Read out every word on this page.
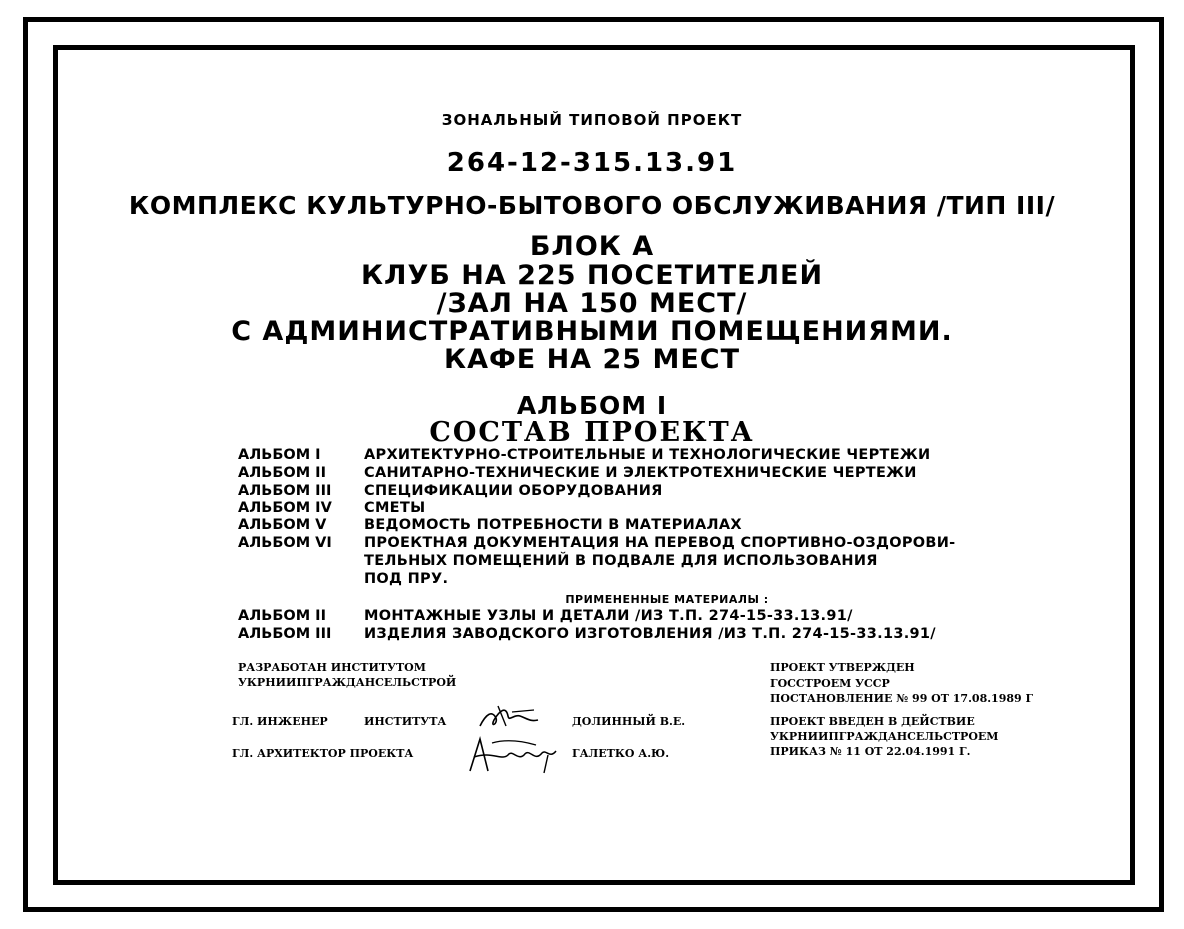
ЗОНАЛЬНЫЙ ТИПОВОЙ ПРОЕКТ
264-12-315.13.91
КОМПЛЕКС КУЛЬТУРНО-БЫТОВОГО ОБСЛУЖИВАНИЯ /ТИП III/
БЛОК А
КЛУБ НА 225 ПОСЕТИТЕЛЕЙ
/ЗАЛ НА 150 МЕСТ/
С АДМИНИСТРАТИВНЫМИ ПОМЕЩЕНИЯМИ.
КАФЕ НА 25 МЕСТ
АЛЬБОМ I
СОСТАВ ПРОЕКТА
АЛЬБОМ I	АРХИТЕКТУРНО-СТРОИТЕЛЬНЫЕ И ТЕХНОЛОГИЧЕСКИЕ ЧЕРТЕЖИ
АЛЬБОМ II	САНИТАРНО-ТЕХНИЧЕСКИЕ И ЭЛЕКТРОТЕХНИЧЕСКИЕ ЧЕРТЕЖИ
АЛЬБОМ III СПЕЦИФИКАЦИИ ОБОРУДОВАНИЯ
АЛЬБОМ IV СМЕТЫ
АЛЬБОМ V	ВЕДОМОСТЬ ПОТРЕБНОСТИ В МАТЕРИАЛАХ
АЛЬБОМ VI ПРОЕКТНАЯ ДОКУМЕНТАЦИЯ НА ПЕРЕВОД СПОРТИВНО-ОЗДОРОВИ-
ТЕЛЬНЫХ ПОМЕЩЕНИЙ В ПОДВАЛЕ ДЛЯ ИСПОЛЬЗОВАНИЯ
ПОД ПРУ.
ПРИМЕНЕННЫЕ МАТЕРИАЛЫ :
АЛЬБОМ II	МОНТАЖНЫЕ УЗЛЫ И ДЕТАЛИ /ИЗ Т.П. 274-15-33.13.91/
АЛЬБОМ III ИЗДЕЛИЯ ЗАВОДСКОГО ИЗГОТОВЛЕНИЯ /ИЗ Т.П. 274-15-33.13.91/
РАЗРАБОТАН ИНСТИТУТОМ
УКРНИИПГРАЖДАНСЕЛЬСТРОЙ
ПРОЕКТ УТВЕРЖДЕН
ГОССТРОЕМ УССР
ПОСТАНОВЛЕНИЕ № 99 ОТ 17.08.1989 Г
ГЛ. ИНЖЕНЕР	ИНСТИТУТА	ДОЛИННЫЙ В.Е.
ГЛ. АРХИТЕКТОР ПРОЕКТА	ГАЛЕТКО А.Ю.
ПРОЕКТ ВВЕДЕН В ДЕЙСТВИЕ
УКРНИИПГРАЖДАНСЕЛЬСТРОЕМ
ПРИКАЗ № 11 ОТ 22.04.1991 Г.
